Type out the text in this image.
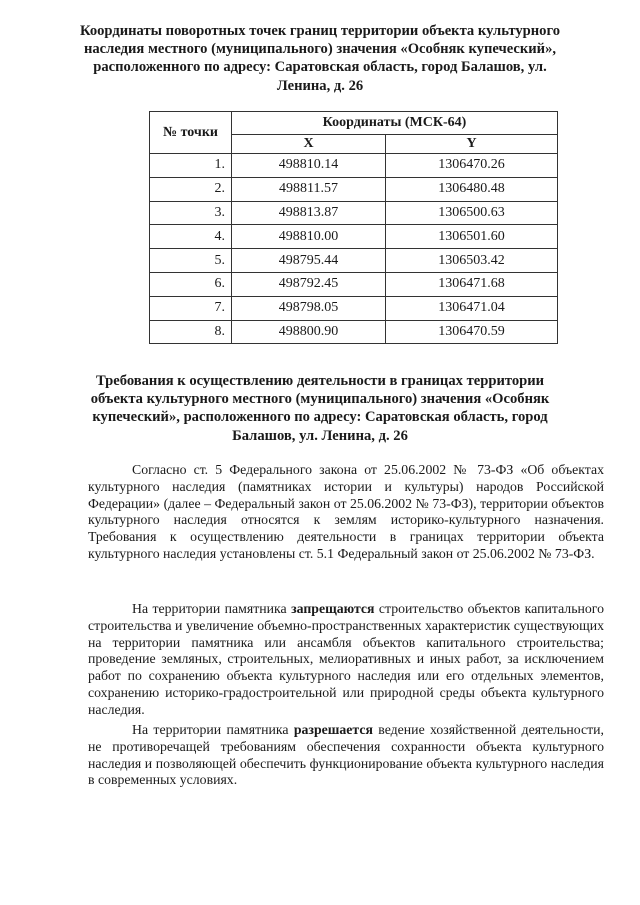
Координаты поворотных точек границ территории объекта культурного наследия местного (муниципального) значения «Особняк купеческий», расположенного по адресу: Саратовская область, город Балашов, ул. Ленина, д. 26

№ точки	Координаты (МСК-64)	
	X	Y
1.	498810.14	1306470.26
2.	498811.57	1306480.48
3.	498813.87	1306500.63
4.	498810.00	1306501.60
5.	498795.44	1306503.42
6.	498792.45	1306471.68
7.	498798.05	1306471.04
8.	498800.90	1306470.59

Требования к осуществлению деятельности в границах территории объекта культурного местного (муниципального) значения «Особняк купеческий», расположенного по адресу: Саратовская область, город Балашов, ул. Ленина, д. 26

Согласно ст. 5 Федерального закона от 25.06.2002 № 73-ФЗ «Об объектах культурного наследия (памятниках истории и культуры) народов Российской Федерации» (далее – Федеральный закон от 25.06.2002 № 73-ФЗ), территории объектов культурного наследия относятся к землям историко-культурного назначения. Требования к осуществлению деятельности в границах территории объекта культурного наследия установлены ст. 5.1 Федеральный закон от 25.06.2002 № 73-ФЗ.

На территории памятника запрещаются строительство объектов капитального строительства и увеличение объемно-пространственных характеристик существующих на территории памятника или ансамбля объектов капитального строительства; проведение земляных, строительных, мелиоративных и иных работ, за исключением работ по сохранению объекта культурного наследия или его отдельных элементов, сохранению историко-градостроительной или природной среды объекта культурного наследия.

На территории памятника разрешается ведение хозяйственной деятельности, не противоречащей требованиям обеспечения сохранности объекта культурного наследия и позволяющей обеспечить функционирование объекта культурного наследия в современных условиях.
